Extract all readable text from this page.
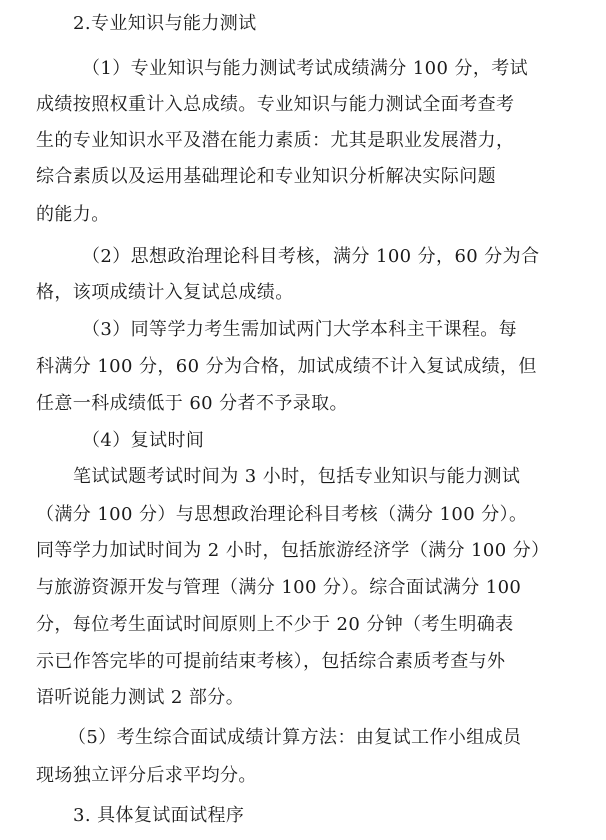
2.专业知识与能力测试
（1）专业知识与能力测试考试成绩满分 100 分，考试
成绩按照权重计入总成绩。专业知识与能力测试全面考查考
生的专业知识水平及潜在能力素质：尤其是职业发展潜力，
综合素质以及运用基础理论和专业知识分析解决实际问题
的能力。
（2）思想政治理论科目考核，满分 100 分，60 分为合
格，该项成绩计入复试总成绩。
（3）同等学力考生需加试两门大学本科主干课程。每
科满分 100 分，60 分为合格，加试成绩不计入复试成绩，但
任意一科成绩低于 60 分者不予录取。
（4）复试时间
笔试试题考试时间为 3 小时，包括专业知识与能力测试
（满分 100 分）与思想政治理论科目考核（满分 100 分）。
同等学力加试时间为 2 小时，包括旅游经济学（满分 100 分）
与旅游资源开发与管理（满分 100 分）。综合面试满分 100
分，每位考生面试时间原则上不少于 20 分钟（考生明确表
示已作答完毕的可提前结束考核），包括综合素质考查与外
语听说能力测试 2 部分。
（5）考生综合面试成绩计算方法：由复试工作小组成员
现场独立评分后求平均分。
3. 具体复试面试程序
